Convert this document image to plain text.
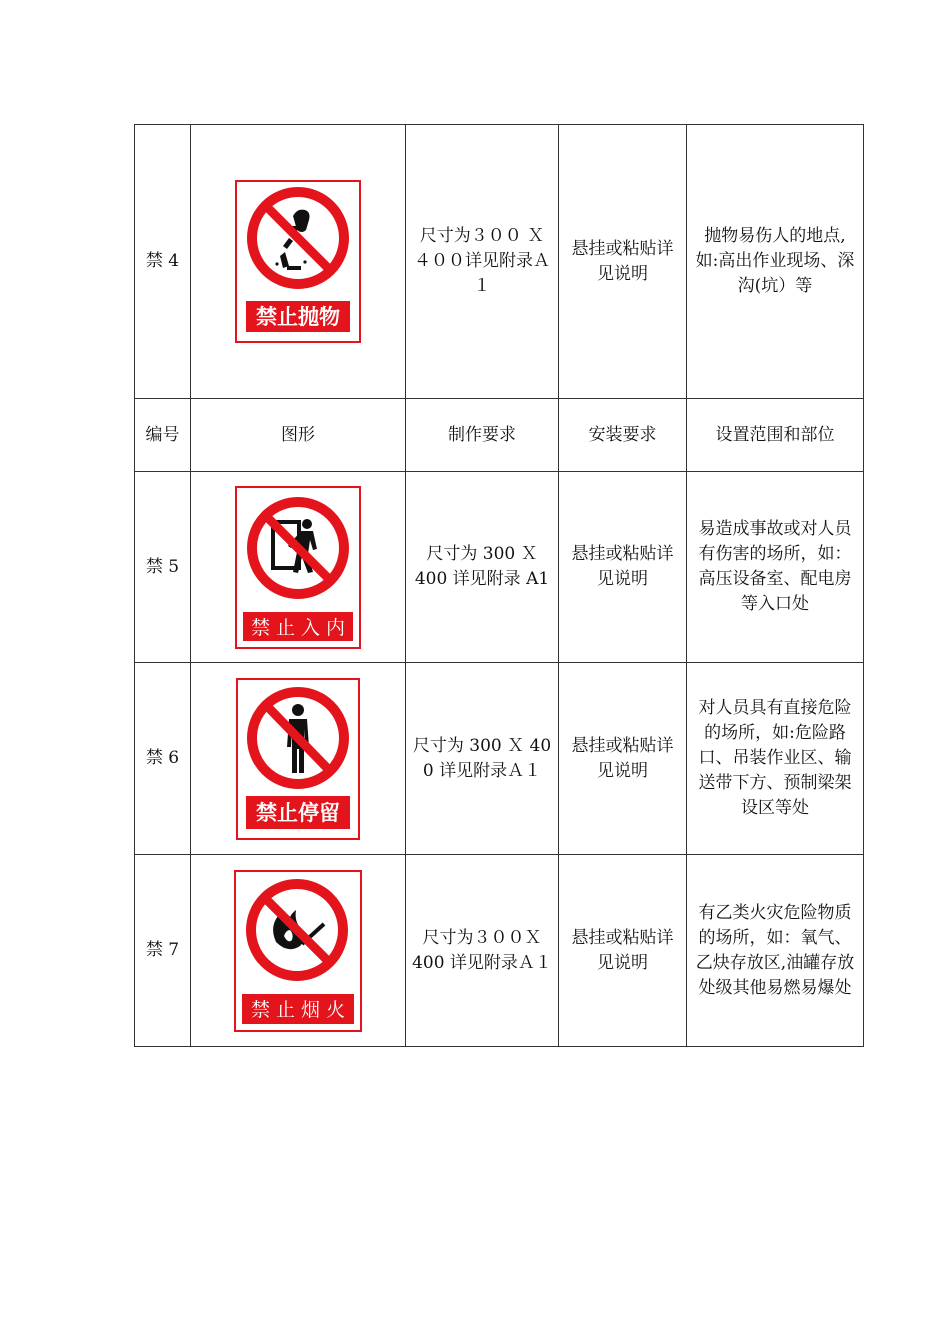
禁 4	禁止抛物	尺寸为３００ Ｘ ４００详见附录Ａ１	悬挂或粘贴详见说明	抛物易伤人的地点,如:高出作业现场、深沟(坑）等
编号	图形	制作要求	安装要求	设置范围和部位
禁 5	禁 止 入 内	尺寸为 300 Ｘ 400 详见附录 A1	悬挂或粘贴详见说明	易造成事故或对人员有伤害的场所，如：高压设备室、配电房等入口处
禁 6	禁止停留	尺寸为 300 Ｘ 40 0 详见附录Ａ１	悬挂或粘贴详见说明	对人员具有直接危险的场所，如:危险路口、吊装作业区、输送带下方、预制梁架设区等处
禁 7	禁 止 烟 火	尺寸为３００Ｘ 400 详见附录Ａ１	悬挂或粘贴详见说明	有乙类火灾危险物质的场所，如：氧气、乙炔存放区,油罐存放处级其他易燃易爆处
